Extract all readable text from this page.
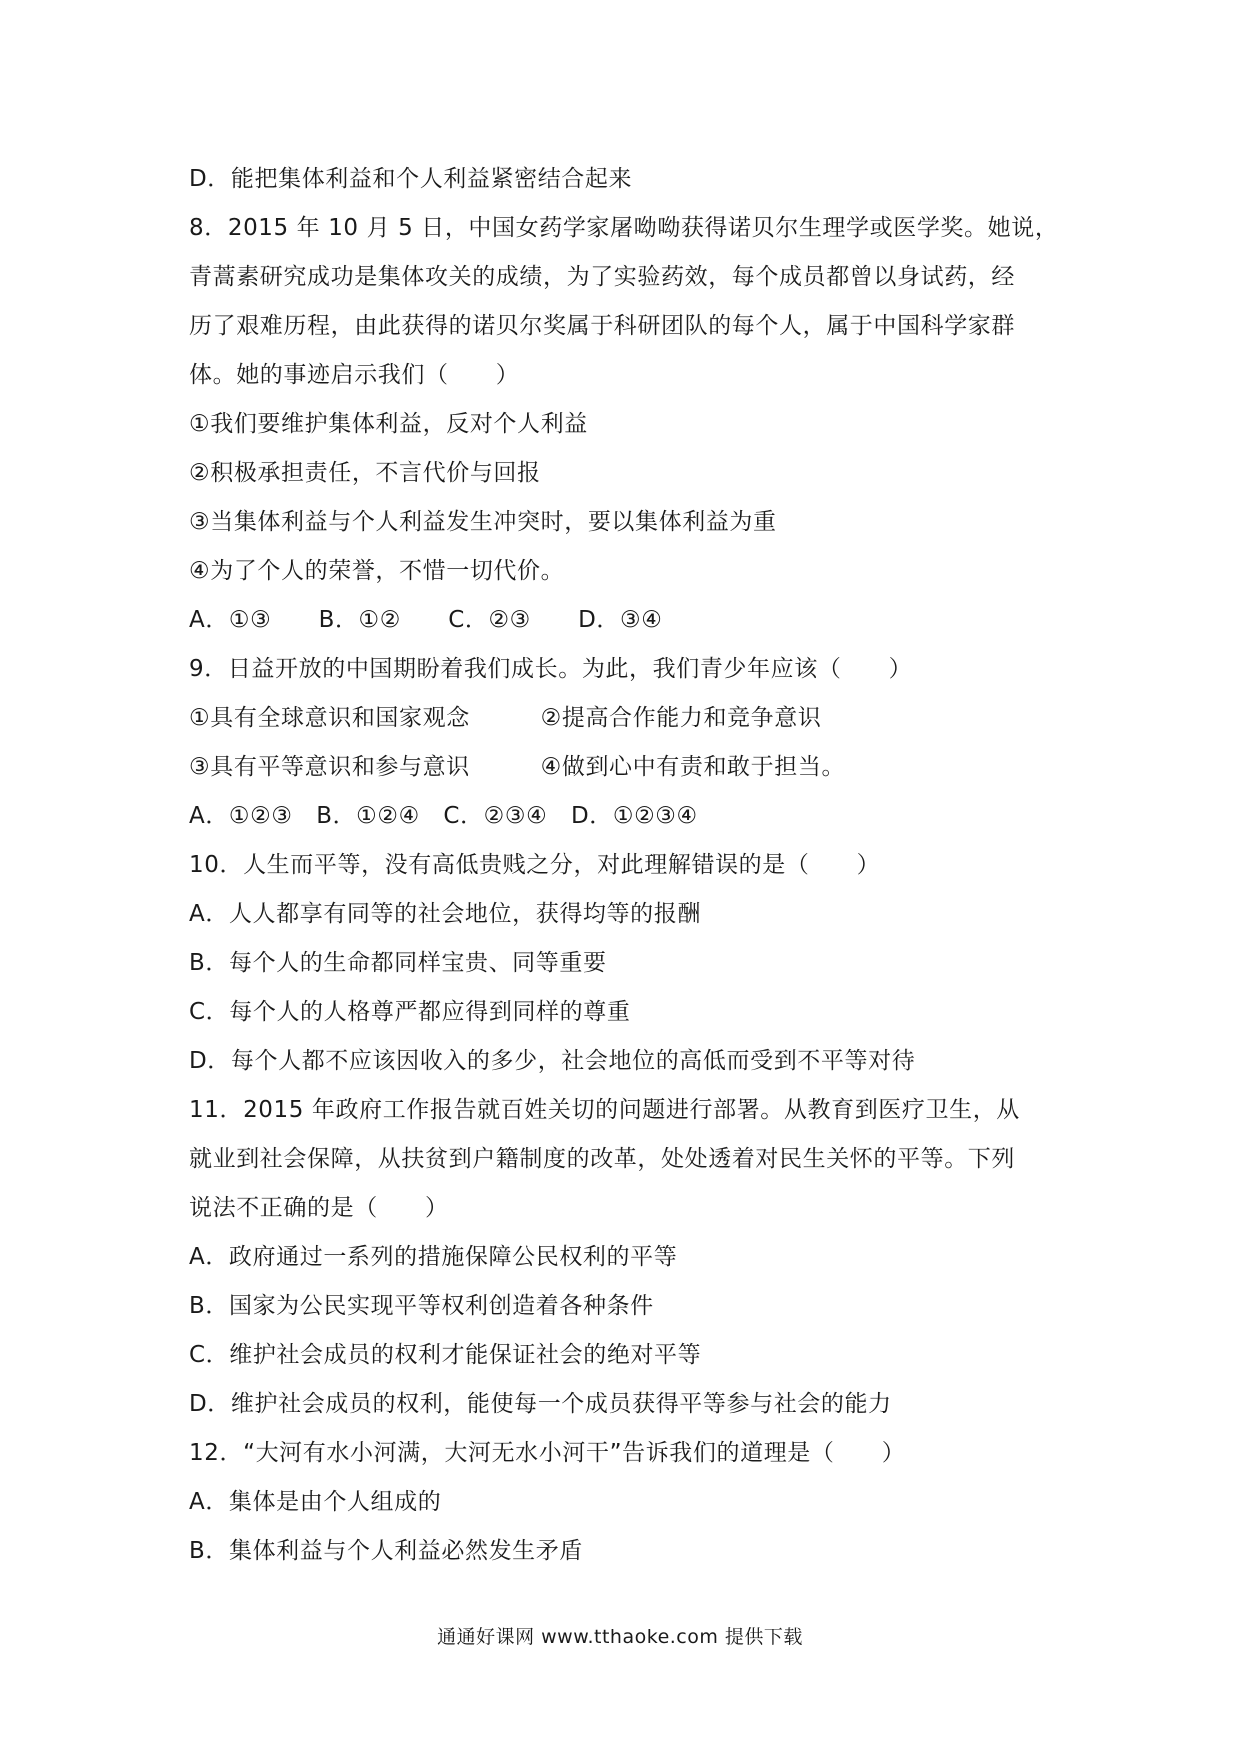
D．能把集体利益和个人利益紧密结合起来
8．2015 年 10 月 5 日，中国女药学家屠呦呦获得诺贝尔生理学或医学奖。她说，
青蒿素研究成功是集体攻关的成绩，为了实验药效，每个成员都曾以身试药，经
历了艰难历程，由此获得的诺贝尔奖属于科研团队的每个人，属于中国科学家群
体。她的事迹启示我们（　　）
①我们要维护集体利益，反对个人利益
②积极承担责任，不言代价与回报
③当集体利益与个人利益发生冲突时，要以集体利益为重
④为了个人的荣誉，不惜一切代价。
A．①③　　B．①②　　C．②③　　D．③④
9．日益开放的中国期盼着我们成长。为此，我们青少年应该（　　）
①具有全球意识和国家观念　　　②提高合作能力和竞争意识
③具有平等意识和参与意识　　　④做到心中有责和敢于担当。
A．①②③　B．①②④　C．②③④　D．①②③④
10．人生而平等，没有高低贵贱之分，对此理解错误的是（　　）
A．人人都享有同等的社会地位，获得均等的报酬
B．每个人的生命都同样宝贵、同等重要
C．每个人的人格尊严都应得到同样的尊重
D．每个人都不应该因收入的多少，社会地位的高低而受到不平等对待
11．2015 年政府工作报告就百姓关切的问题进行部署。从教育到医疗卫生，从
就业到社会保障，从扶贫到户籍制度的改革，处处透着对民生关怀的平等。下列
说法不正确的是（　　）
A．政府通过一系列的措施保障公民权利的平等
B．国家为公民实现平等权利创造着各种条件
C．维护社会成员的权利才能保证社会的绝对平等
D．维护社会成员的权利，能使每一个成员获得平等参与社会的能力
12．“大河有水小河满，大河无水小河干”告诉我们的道理是（　　）
A．集体是由个人组成的
B．集体利益与个人利益必然发生矛盾
通通好课网 www.tthaoke.com 提供下载
